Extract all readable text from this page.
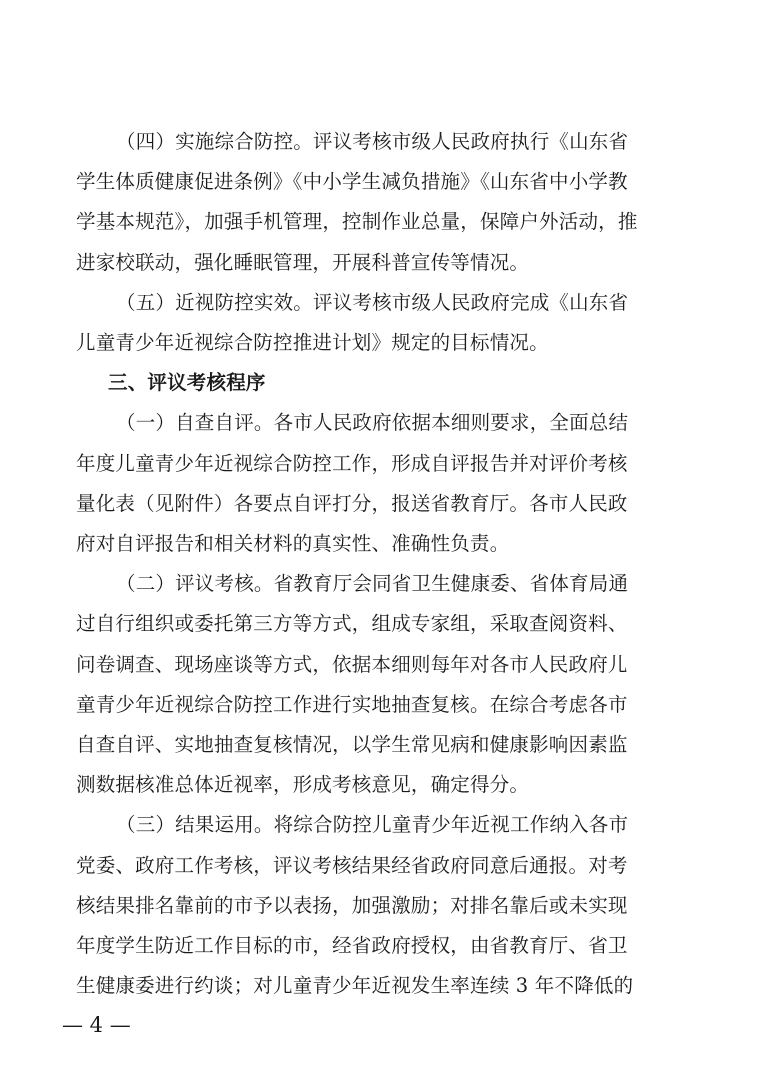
（四）实施综合防控。评议考核市级人民政府执行《山东省
学生体质健康促进条例》《中小学生减负措施》《山东省中小学教
学基本规范》，加强手机管理，控制作业总量，保障户外活动，推
进家校联动，强化睡眠管理，开展科普宣传等情况。
（五）近视防控实效。评议考核市级人民政府完成《山东省
儿童青少年近视综合防控推进计划》规定的目标情况。
三、评议考核程序
（一）自查自评。各市人民政府依据本细则要求，全面总结
年度儿童青少年近视综合防控工作，形成自评报告并对评价考核
量化表（见附件）各要点自评打分，报送省教育厅。各市人民政
府对自评报告和相关材料的真实性、准确性负责。
（二）评议考核。省教育厅会同省卫生健康委、省体育局通
过自行组织或委托第三方等方式，组成专家组，采取查阅资料、
问卷调查、现场座谈等方式，依据本细则每年对各市人民政府儿
童青少年近视综合防控工作进行实地抽查复核。在综合考虑各市
自查自评、实地抽查复核情况，以学生常见病和健康影响因素监
测数据核准总体近视率，形成考核意见，确定得分。
（三）结果运用。将综合防控儿童青少年近视工作纳入各市
党委、政府工作考核，评议考核结果经省政府同意后通报。对考
核结果排名靠前的市予以表扬，加强激励；对排名靠后或未实现
年度学生防近工作目标的市，经省政府授权，由省教育厅、省卫
生健康委进行约谈；对儿童青少年近视发生率连续 3 年不降低的
— 4 —
